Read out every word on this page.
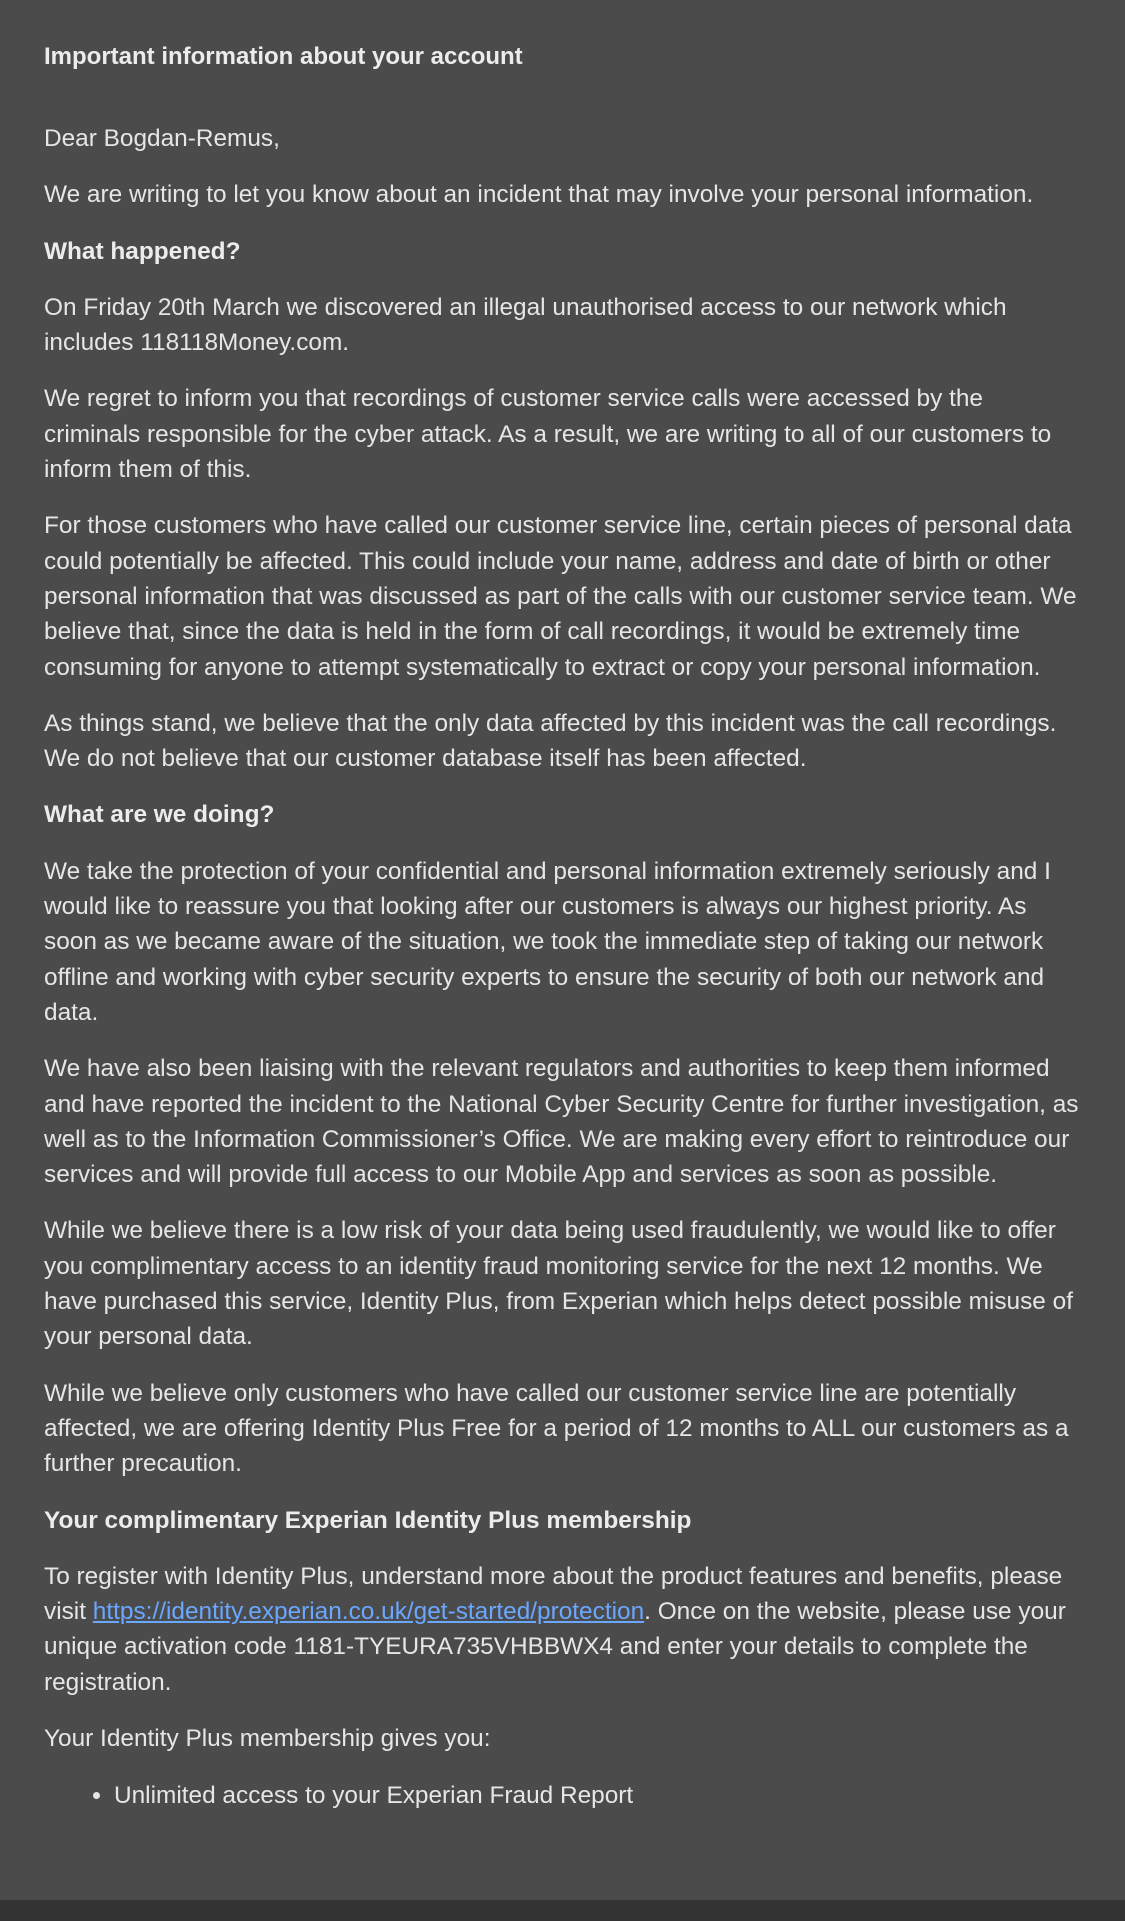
Important information about your account

Dear Bogdan-Remus,

We are writing to let you know about an incident that may involve your personal information.

What happened?

On Friday 20th March we discovered an illegal unauthorised access to our network which includes 118118Money.com.

We regret to inform you that recordings of customer service calls were accessed by the criminals responsible for the cyber attack. As a result, we are writing to all of our customers to inform them of this.

For those customers who have called our customer service line, certain pieces of personal data could potentially be affected. This could include your name, address and date of birth or other personal information that was discussed as part of the calls with our customer service team. We believe that, since the data is held in the form of call recordings, it would be extremely time consuming for anyone to attempt systematically to extract or copy your personal information.

As things stand, we believe that the only data affected by this incident was the call recordings. We do not believe that our customer database itself has been affected.

What are we doing?

We take the protection of your confidential and personal information extremely seriously and I would like to reassure you that looking after our customers is always our highest priority. As soon as we became aware of the situation, we took the immediate step of taking our network offline and working with cyber security experts to ensure the security of both our network and data.

We have also been liaising with the relevant regulators and authorities to keep them informed and have reported the incident to the National Cyber Security Centre for further investigation, as well as to the Information Commissioner’s Office. We are making every effort to reintroduce our services and will provide full access to our Mobile App and services as soon as possible.

While we believe there is a low risk of your data being used fraudulently, we would like to offer you complimentary access to an identity fraud monitoring service for the next 12 months. We have purchased this service, Identity Plus, from Experian which helps detect possible misuse of your personal data.

While we believe only customers who have called our customer service line are potentially affected, we are offering Identity Plus Free for a period of 12 months to ALL our customers as a further precaution.

Your complimentary Experian Identity Plus membership

To register with Identity Plus, understand more about the product features and benefits, please visit https://identity.experian.co.uk/get-started/protection. Once on the website, please use your unique activation code 1181-TYEURA735VHBBWX4 and enter your details to complete the registration.

Your Identity Plus membership gives you:

• Unlimited access to your Experian Fraud Report
